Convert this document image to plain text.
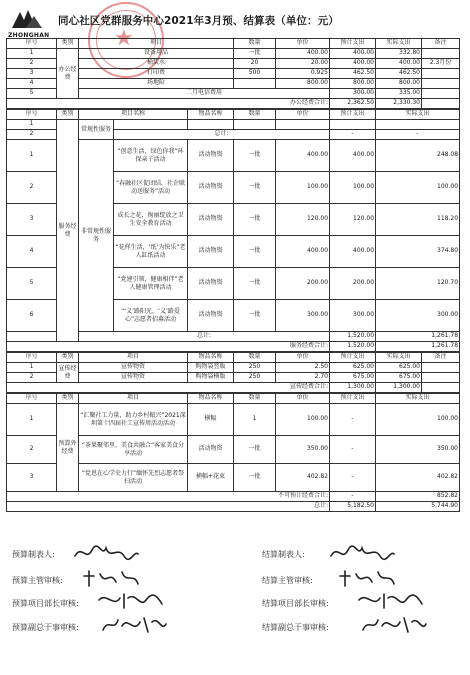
ZHONGHAN	★
同心社区党群服务中心2021年3月预、结算表（单位：元）
序号	类别	项目	数量	单价	预计支出	实际支出	备注
1	办公经费	设备用品	一批	400.00	400.00	332.80	
2		桶装水	20	20.00	400.00	400.00	2.3月份
3		打印费	500	0.925	462.50	462.50	
4		场地险		800.00	800.00	800.00	
5		二月电信费用			300.00	335.00	
办公经费合计:					2,362.50	2,330.30	
序号	类别	项目名称		物品名称	数量	单价	预计支出	实际支出
1	服务经费	常规性服务						
2			总计:				-	-
1		非常规性服务	“创意生活，绿色你我”环保亲子活动	活动物资	一批	400.00	400.00	248.08
2			“春融社区促团结，社企联动送服务”活动	活动物资	一批	100.00	100.00	100.00
3			成长之花，绚丽绽放之卫生安全教育活动	活动物资	一批	120.00	120.00	118.20
4			“花样生活，‘纸’为快乐”老人缸纸活动	活动物资	一批	400.00	400.00	374.80
5			“党建引领，健康相伴”老人健康管理活动	活动物资	一批	200.00	200.00	120.70
6			“‘义’路阳光，‘义’路爱心”志愿者招募活动	活动物资	一批	300.00	300.00	300.00
		总计:					1,520.00	1,261.78
服务经费合计:							1,520.00	1,261.78
序号	类别	项目	物品名称	数量	单价	预计支出	实际支出	备注
1	宣传经费	宣传物资	购物袋竖版	250	2.50	625.00	625.00	
2		宣传物资	购物袋横版	250	2.70	675.00	675.00	
宣传经费合计:						1,300.00	1,300.00	
序号	类别	项目	物品名称	数量	单价	预计支出	实际支出
1	预算外经费	“汇聚社工力量，助力乡村振兴”2021深圳第十四届社工宣传周活动活动	横幅	1	100.00	-	100.00
2		“茶果聚邻里，美食共融合”客家美食分享活动	活动物资	一批	350.00	-	350.00
3		“党恩在心学史力行”缅怀先烈志愿者祭扫活动	横幅+花束	一批	402.82	-	402.82
不可预计经费合计:						-	852.82
总计:						5,182.50	5,744.90
预算制表人:
预算主管审核:
预算项目部长审核:
预算副总干事审核:
结算制表人:
结算主管审核:
结算项目部长审核:
结算副总干事审核:
